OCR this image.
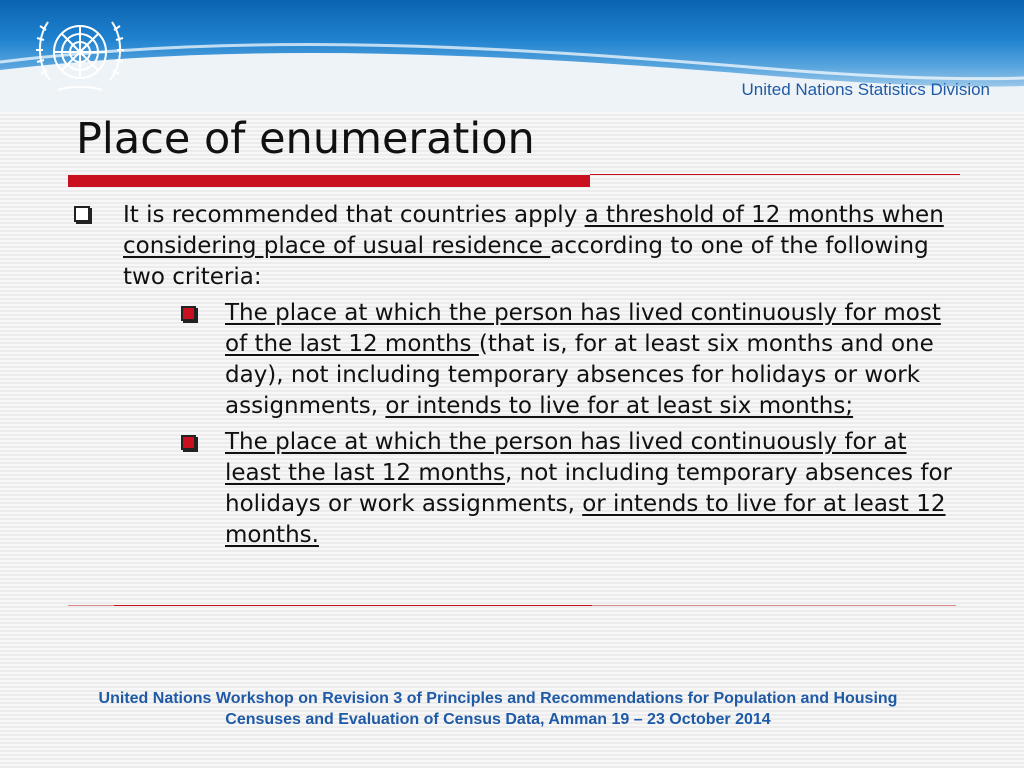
United Nations Statistics Division
Place of enumeration
It is recommended that countries apply a threshold of 12 months when considering place of usual residence according to one of the following two criteria:
The place at which the person has lived continuously for most of the last 12 months (that is, for at least six months and one day), not including temporary absences for holidays or work assignments, or intends to live for at least six months;
The place at which the person has lived continuously for at least the last 12 months, not including temporary absences for holidays or work assignments, or intends to live for at least 12 months.
United Nations Workshop on Revision 3 of Principles and Recommendations for Population and Housing
Censuses and Evaluation of Census Data, Amman 19 – 23 October 2014
